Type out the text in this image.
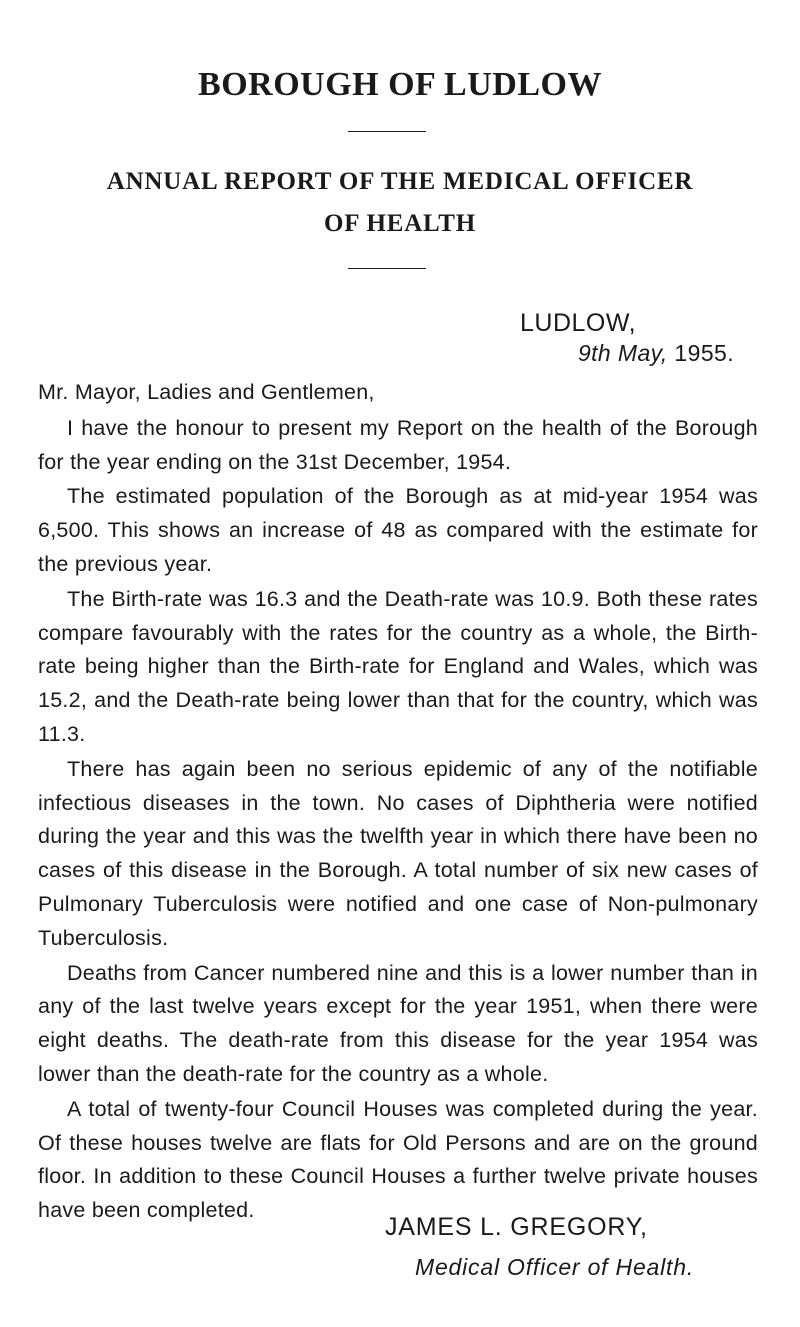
BOROUGH OF LUDLOW
ANNUAL REPORT OF THE MEDICAL OFFICER
OF HEALTH
LUDLOW,
9th May, 1955.

Mr. Mayor, Ladies and Gentlemen,

I have the honour to present my Report on the health of the Borough for the year ending on the 31st December, 1954.

The estimated population of the Borough as at mid-year 1954 was 6,500. This shows an increase of 48 as compared with the estimate for the previous year.

The Birth-rate was 16.3 and the Death-rate was 10.9. Both these rates compare favourably with the rates for the country as a whole, the Birth-rate being higher than the Birth-rate for England and Wales, which was 15.2, and the Death-rate being lower than that for the country, which was 11.3.

There has again been no serious epidemic of any of the notifiable infectious diseases in the town. No cases of Diphtheria were notified during the year and this was the twelfth year in which there have been no cases of this disease in the Borough. A total number of six new cases of Pulmonary Tuberculosis were notified and one case of Non-pulmonary Tuberculosis.

Deaths from Cancer numbered nine and this is a lower number than in any of the last twelve years except for the year 1951, when there were eight deaths. The death-rate from this disease for the year 1954 was lower than the death-rate for the country as a whole.

A total of twenty-four Council Houses was completed during the year. Of these houses twelve are flats for Old Persons and are on the ground floor. In addition to these Council Houses a further twelve private houses have been completed.

JAMES L. GREGORY,
Medical Officer of Health.
